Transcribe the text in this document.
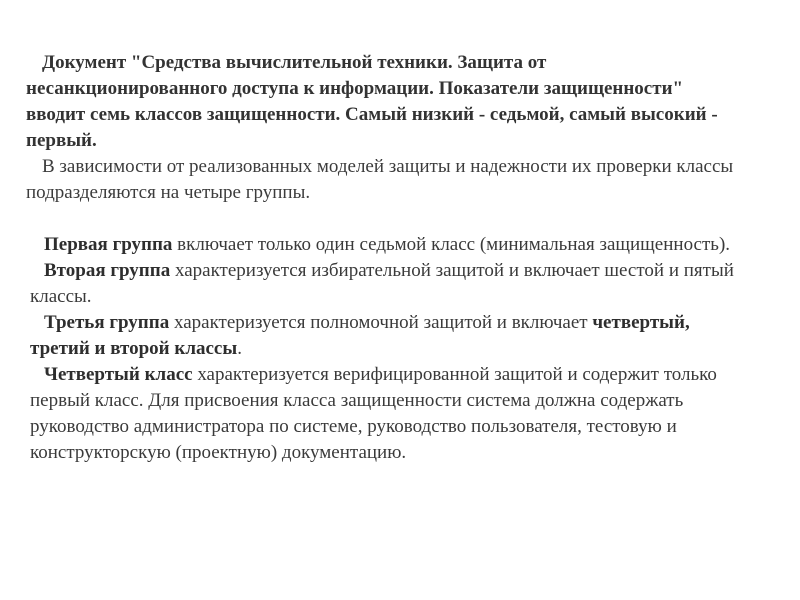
Документ "Средства вычислительной техники. Защита от несанкционированного доступа к информации. Показатели защищенности" вводит семь классов защищенности. Самый низкий - седьмой, самый высокий - первый.
В зависимости от реализованных моделей защиты и надежности их проверки классы подразделяются на четыре группы.

Первая группа включает только один седьмой класс (минимальная защищенность).
Вторая группа характеризуется избирательной защитой и включает шестой и пятый классы.
Третья группа характеризуется полномочной защитой и включает четвертый, третий и второй классы.
Четвертый класс характеризуется верифицированной защитой и содержит только первый класс. Для присвоения класса защищенности система должна содержать руководство администратора по системе, руководство пользователя, тестовую и конструкторскую (проектную) документацию.
